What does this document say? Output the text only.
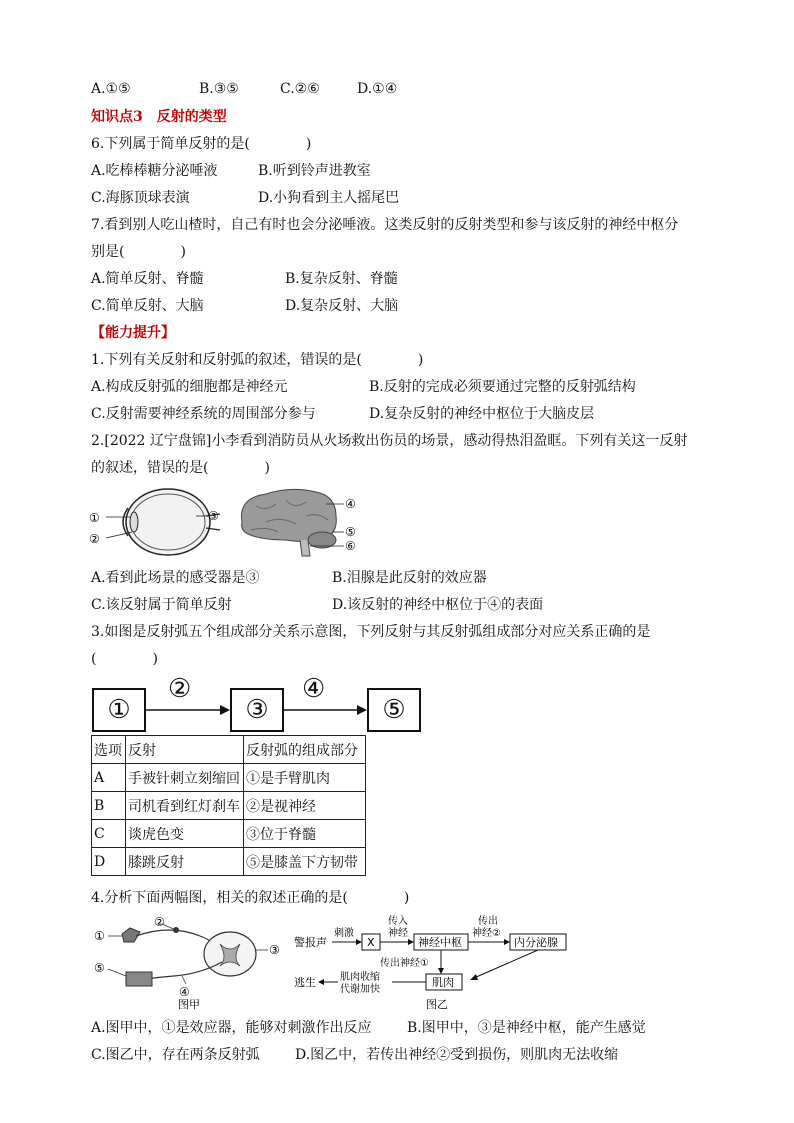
A.①⑤	B.③⑤	C.②⑥	D.①④
知识点3　反射的类型
6.下列属于简单反射的是(　　　　)
A.吃棒棒糖分泌唾液	B.听到铃声进教室
C.海豚顶球表演	D.小狗看到主人摇尾巴
7.看到别人吃山楂时，自己有时也会分泌唾液。这类反射的反射类型和参与该反射的神经中枢分
别是(　　　　)
A.简单反射、脊髓	B.复杂反射、脊髓
C.简单反射、大脑	D.复杂反射、大脑
【能力提升】
1.下列有关反射和反射弧的叙述，错误的是(　　　　)
A.构成反射弧的细胞都是神经元	B.反射的完成必须要通过完整的反射弧结构
C.反射需要神经系统的周围部分参与	D.复杂反射的神经中枢位于大脑皮层
2.[2022 辽宁盘锦]小李看到消防员从火场救出伤员的场景，感动得热泪盈眶。下列有关这一反射
的叙述，错误的是(　　　　)
①
②
③
④
⑤
⑥
A.看到此场景的感受器是③	B.泪腺是此反射的效应器
C.该反射属于简单反射	D.该反射的神经中枢位于④的表面
3.如图是反射弧五个组成部分关系示意图，下列反射与其反射弧组成部分对应关系正确的是
(　　　　)
①	③	⑤
②	④
选项	反射	反射弧的组成部分
A	手被针刺立刻缩回	①是手臂肌肉
B	司机看到红灯刹车	②是视神经
C	谈虎色变	③位于脊髓
D	膝跳反射	⑤是膝盖下方韧带
4.分析下面两幅图，相关的叙述正确的是(　　　　)
①
②
③
④
⑤
图甲
警报声
刺激
X
传入
神经
神经中枢
传出
神经②
内分泌腺
传出神经①
肌肉
肌肉收缩
代谢加快
逃生
图乙
A.图甲中，①是效应器，能够对刺激作出反应	B.图甲中，③是神经中枢，能产生感觉
C.图乙中，存在两条反射弧	D.图乙中，若传出神经②受到损伤，则肌肉无法收缩
